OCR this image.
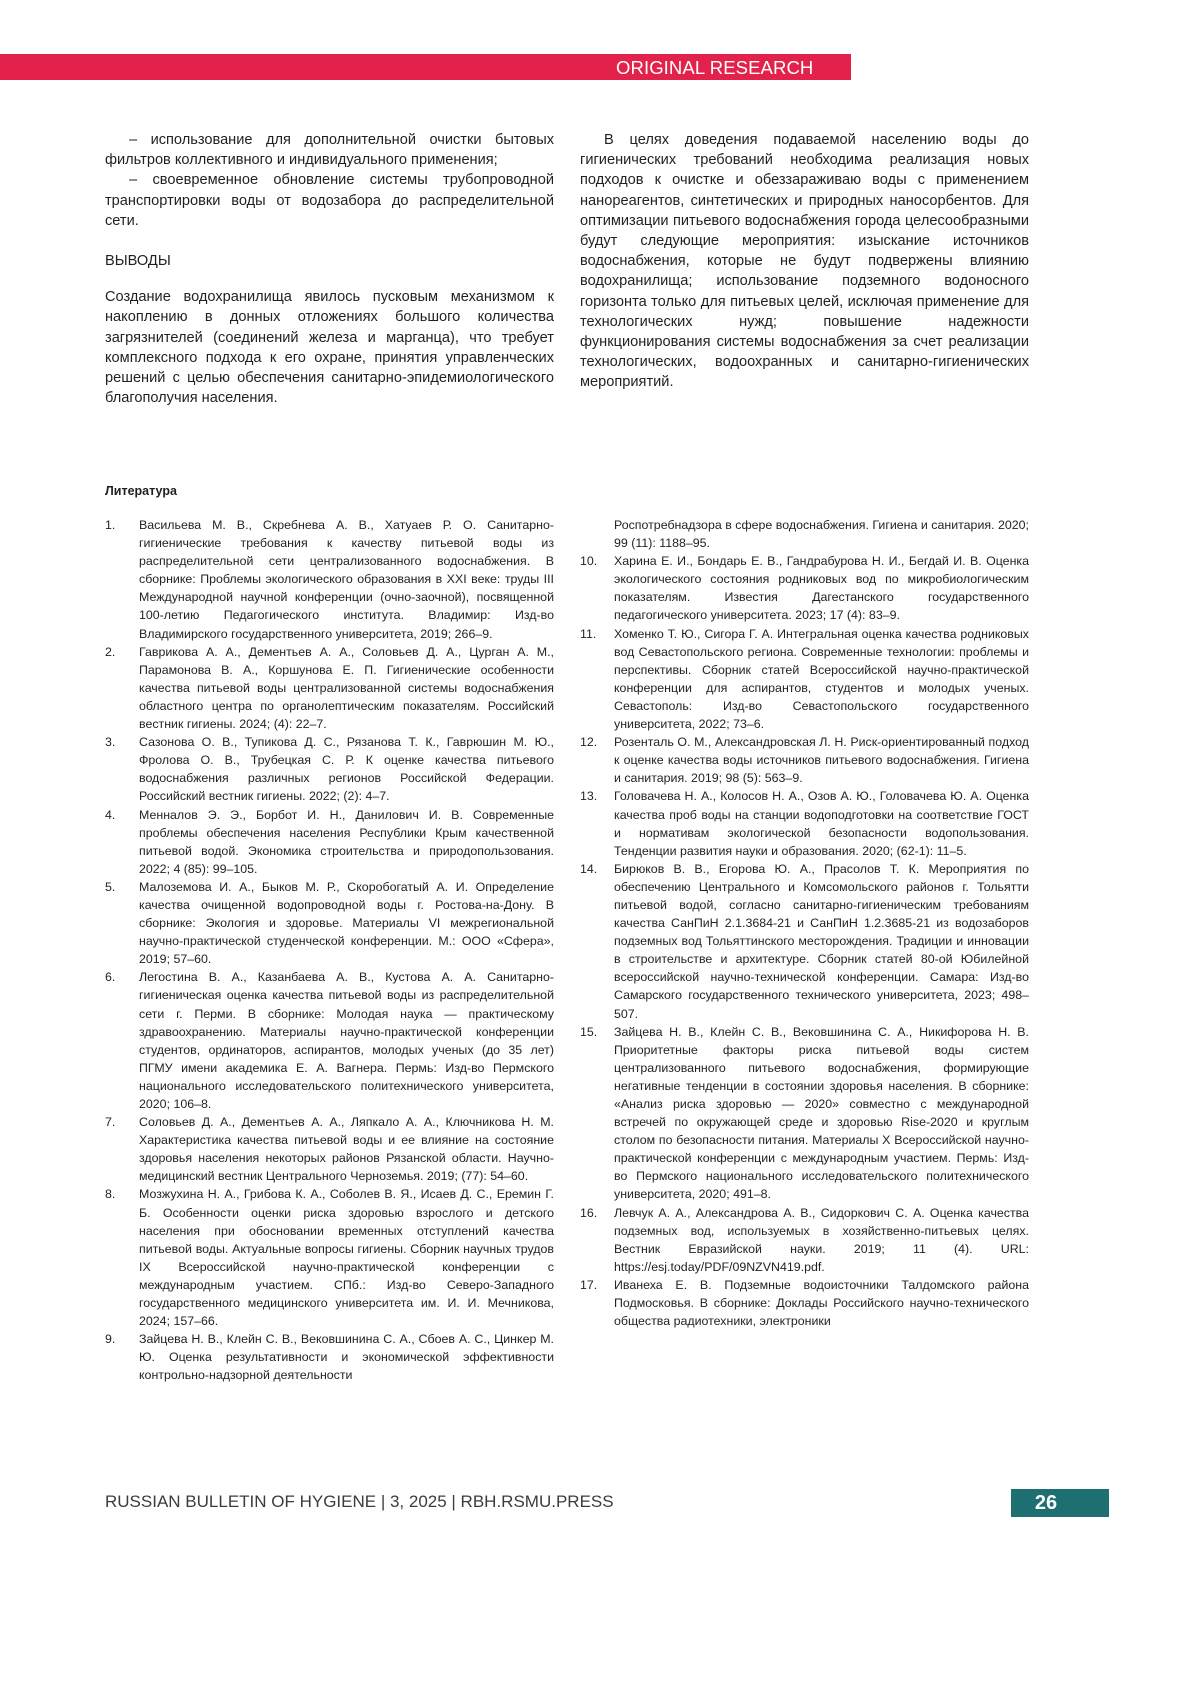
ORIGINAL RESEARCH

– использование для дополнительной очистки бытовых фильтров коллективного и индивидуального применения;

– своевременное обновление системы трубопроводной транспортировки воды от водозабора до распределительной сети.

ВЫВОДЫ

Создание водохранилища явилось пусковым механизмом к накоплению в донных отложениях большого количества загрязнителей (соединений железа и марганца), что требует комплексного подхода к его охране, принятия управленческих решений с целью обеспечения санитарно-эпидемиологического благополучия населения.

В целях доведения подаваемой населению воды до гигиенических требований необходима реализация новых подходов к очистке и обеззараживаю воды с применением нанореагентов, синтетических и природных наносорбентов. Для оптимизации питьевого водоснабжения города целесообразными будут следующие мероприятия: изыскание источников водоснабжения, которые не будут подвержены влиянию водохранилища; использование подземного водоносного горизонта только для питьевых целей, исключая применение для технологических нужд; повышение надежности функционирования системы водоснабжения за счет реализации технологических, водоохранных и санитарно-гигиенических мероприятий.

Литература
1. Васильева М. В., Скребнева А. В., Хатуаев Р. О. Санитарно-гигиенические требования к качеству питьевой воды из распределительной сети централизованного водоснабжения. В сборнике: Проблемы экологического образования в XXI веке: труды III Международной научной конференции (очно-заочной), посвященной 100-летию Педагогического института. Владимир: Изд-во Владимирского государственного университета, 2019; 266–9.
2. Гаврикова А. А., Дементьев А. А., Соловьев Д. А., Цурган А. М., Парамонова В. А., Коршунова Е. П. Гигиенические особенности качества питьевой воды централизованной системы водоснабжения областного центра по органолептическим показателям. Российский вестник гигиены. 2024; (4): 22–7.
3. Сазонова О. В., Тупикова Д. С., Рязанова Т. К., Гаврюшин М. Ю., Фролова О. В., Трубецкая С. Р. К оценке качества питьевого водоснабжения различных регионов Российской Федерации. Российский вестник гигиены. 2022; (2): 4–7.
4. Менналов Э. Э., Борбот И. Н., Данилович И. В. Современные проблемы обеспечения населения Республики Крым качественной питьевой водой. Экономика строительства и природопользования. 2022; 4 (85): 99–105.
5. Малоземова И. А., Быков М. Р., Скоробогатый А. И. Определение качества очищенной водопроводной воды г. Ростова-на-Дону. В сборнике: Экология и здоровье. Материалы VI межрегиональной научно-практической студенческой конференции. М.: ООО «Сфера», 2019; 57–60.
6. Легостина В. А., Казанбаева А. В., Кустова А. А. Санитарно-гигиеническая оценка качества питьевой воды из распределительной сети г. Перми. В сборнике: Молодая наука — практическому здравоохранению. Материалы научно-практической конференции студентов, ординаторов, аспирантов, молодых ученых (до 35 лет) ПГМУ имени академика Е. А. Вагнера. Пермь: Изд-во Пермского национального исследовательского политехнического университета, 2020; 106–8.
7. Соловьев Д. А., Дементьев А. А., Ляпкало А. А., Ключникова Н. М. Характеристика качества питьевой воды и ее влияние на состояние здоровья населения некоторых районов Рязанской области. Научно-медицинский вестник Центрального Черноземья. 2019; (77): 54–60.
8. Мозжухина Н. А., Грибова К. А., Соболев В. Я., Исаев Д. С., Еремин Г. Б. Особенности оценки риска здоровью взрослого и детского населения при обосновании временных отступлений качества питьевой воды. Актуальные вопросы гигиены. Сборник научных трудов IX Всероссийской научно-практической конференции с международным участием. СПб.: Изд-во Северо-Западного государственного медицинского университета им. И. И. Мечникова, 2024; 157–66.
9. Зайцева Н. В., Клейн С. В., Вековшинина С. А., Сбоев А. С., Цинкер М. Ю. Оценка результативности и экономической эффективности контрольно-надзорной деятельности
Роспотребнадзора в сфере водоснабжения. Гигиена и санитария. 2020; 99 (11): 1188–95.
10. Харина Е. И., Бондарь Е. В., Гандрабурова Н. И., Бегдай И. В. Оценка экологического состояния родниковых вод по микробиологическим показателям. Известия Дагестанского государственного педагогического университета. 2023; 17 (4): 83–9.
11. Хоменко Т. Ю., Сигора Г. А. Интегральная оценка качества родниковых вод Севастопольского региона. Современные технологии: проблемы и перспективы. Сборник статей Всероссийской научно-практической конференции для аспирантов, студентов и молодых ученых. Севастополь: Изд-во Севастопольского государственного университета, 2022; 73–6.
12. Розенталь О. М., Александровская Л. Н. Риск-ориентированный подход к оценке качества воды источников питьевого водоснабжения. Гигиена и санитария. 2019; 98 (5): 563–9.
13. Головачева Н. А., Колосов Н. А., Озов А. Ю., Головачева Ю. А. Оценка качества проб воды на станции водоподготовки на соответствие ГОСТ и нормативам экологической безопасности водопользования. Тенденции развития науки и образования. 2020; (62-1): 11–5.
14. Бирюков В. В., Егорова Ю. А., Прасолов Т. К. Мероприятия по обеспечению Центрального и Комсомольского районов г. Тольятти питьевой водой, согласно санитарно-гигиеническим требованиям качества СанПиН 2.1.3684-21 и СанПиН 1.2.3685-21 из водозаборов подземных вод Тольяттинского месторождения. Традиции и инновации в строительстве и архитектуре. Сборник статей 80-ой Юбилейной всероссийской научно-технической конференции. Самара: Изд-во Самарского государственного технического университета, 2023; 498–507.
15. Зайцева Н. В., Клейн С. В., Вековшинина С. А., Никифорова Н. В. Приоритетные факторы риска питьевой воды систем централизованного питьевого водоснабжения, формирующие негативные тенденции в состоянии здоровья населения. В сборнике: «Анализ риска здоровью — 2020» совместно с международной встречей по окружающей среде и здоровью Rise-2020 и круглым столом по безопасности питания. Материалы X Всероссийской научно-практической конференции с международным участием. Пермь: Изд-во Пермского национального исследовательского политехнического университета, 2020; 491–8.
16. Левчук А. А., Александрова А. В., Сидоркович С. А. Оценка качества подземных вод, используемых в хозяйственно-питьевых целях. Вестник Евразийской науки. 2019; 11 (4). URL: https://esj.today/PDF/09NZVN419.pdf.
17. Иванеха Е. В. Подземные водоисточники Талдомского района Подмосковья. В сборнике: Доклады Российского научно-технического общества радиотехники, электроники
RUSSIAN BULLETIN OF HYGIENE | 3, 2025 | RBH.RSMU.PRESS	26
